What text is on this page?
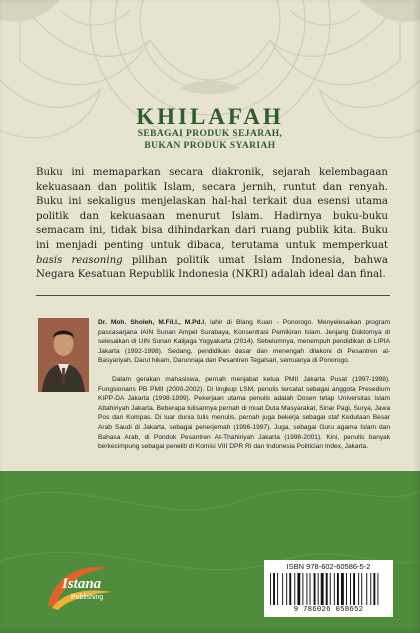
KHILAFAH
SEBAGAI PRODUK SEJARAH,
BUKAN PRODUK SYARIAH

Buku ini memaparkan secara diakronik, sejarah kelembagaan kekuasaan dan politik Islam, secara jernih, runtut dan renyah. Buku ini sekaligus menjelaskan hal-hal terkait dua esensi utama politik dan kekuasaan menurut Islam. Hadirnya buku-buku semacam ini, tidak bisa dihindarkan dari ruang publik kita. Buku ini menjadi penting untuk dibaca, terutama untuk memperkuat basis reasoning pilihan politik umat Islam Indonesia, bahwa Negara Kesatuan Republik Indonesia (NKRI) adalah ideal dan final.

Dr. Moh. Sholeh, M.Fil.I., M.Pd.I, lahir di Blang Kuan - Ponorogo. Menyelesaikan program pascasarjana IAIN Sunan Ampel Surabaya, Konsentrasi Pemikiran Islam. Jenjang Doktornya di selesaikan di UIN Sunan Kalijaga Yogyakarta (2014). Sebelumnya, menempuh pendidikan di LIPIA Jakarta (1992-1998). Sedang, pendidikan dasar dan menengah dilakoni di Pesantren al-Basyariyah, Darul hikam, Darunnaja dan Pesantren Tegalsari, semuanya di Ponorogo.

Dalam gerakan mahasiswa, pernah menjabat ketua PMII Jakarta Pusat (1997-1998). Fungsionaris PB PMII (2000-2002). Di lingkup LSM, penulis tercatat sebagai anggota Presedium KIPP-DA Jakarta (1998-1999). Pekerjaan utama penulis adalah Dosen tetap Universitas Islam Attahiriyah Jakarta. Beberapa tulisannya pernah di muat Duta Masyarakat, Sinar Pagi, Surya, Jawa Pos dan Kompas. Di luar dunia tulis menulis, pernah juga bekerja sebagai staf Kedutaan Besar Arab Saudi di Jakarta, sebagai penerjemah (1996-1997). Juga, sebagai Guru agama Islam dan Bahasa Arab, di Pondok Pesantren At-Thahiriyah Jakarta (1998-2001). Kini, penulis banyak berkecimpung sebagai peneliti di Komisi VIII DPR RI dan Indonesia Politician Index, Jakarta.

Istana
Publishing
ISBN 978-602-60586-5-2
9 786026 058652
